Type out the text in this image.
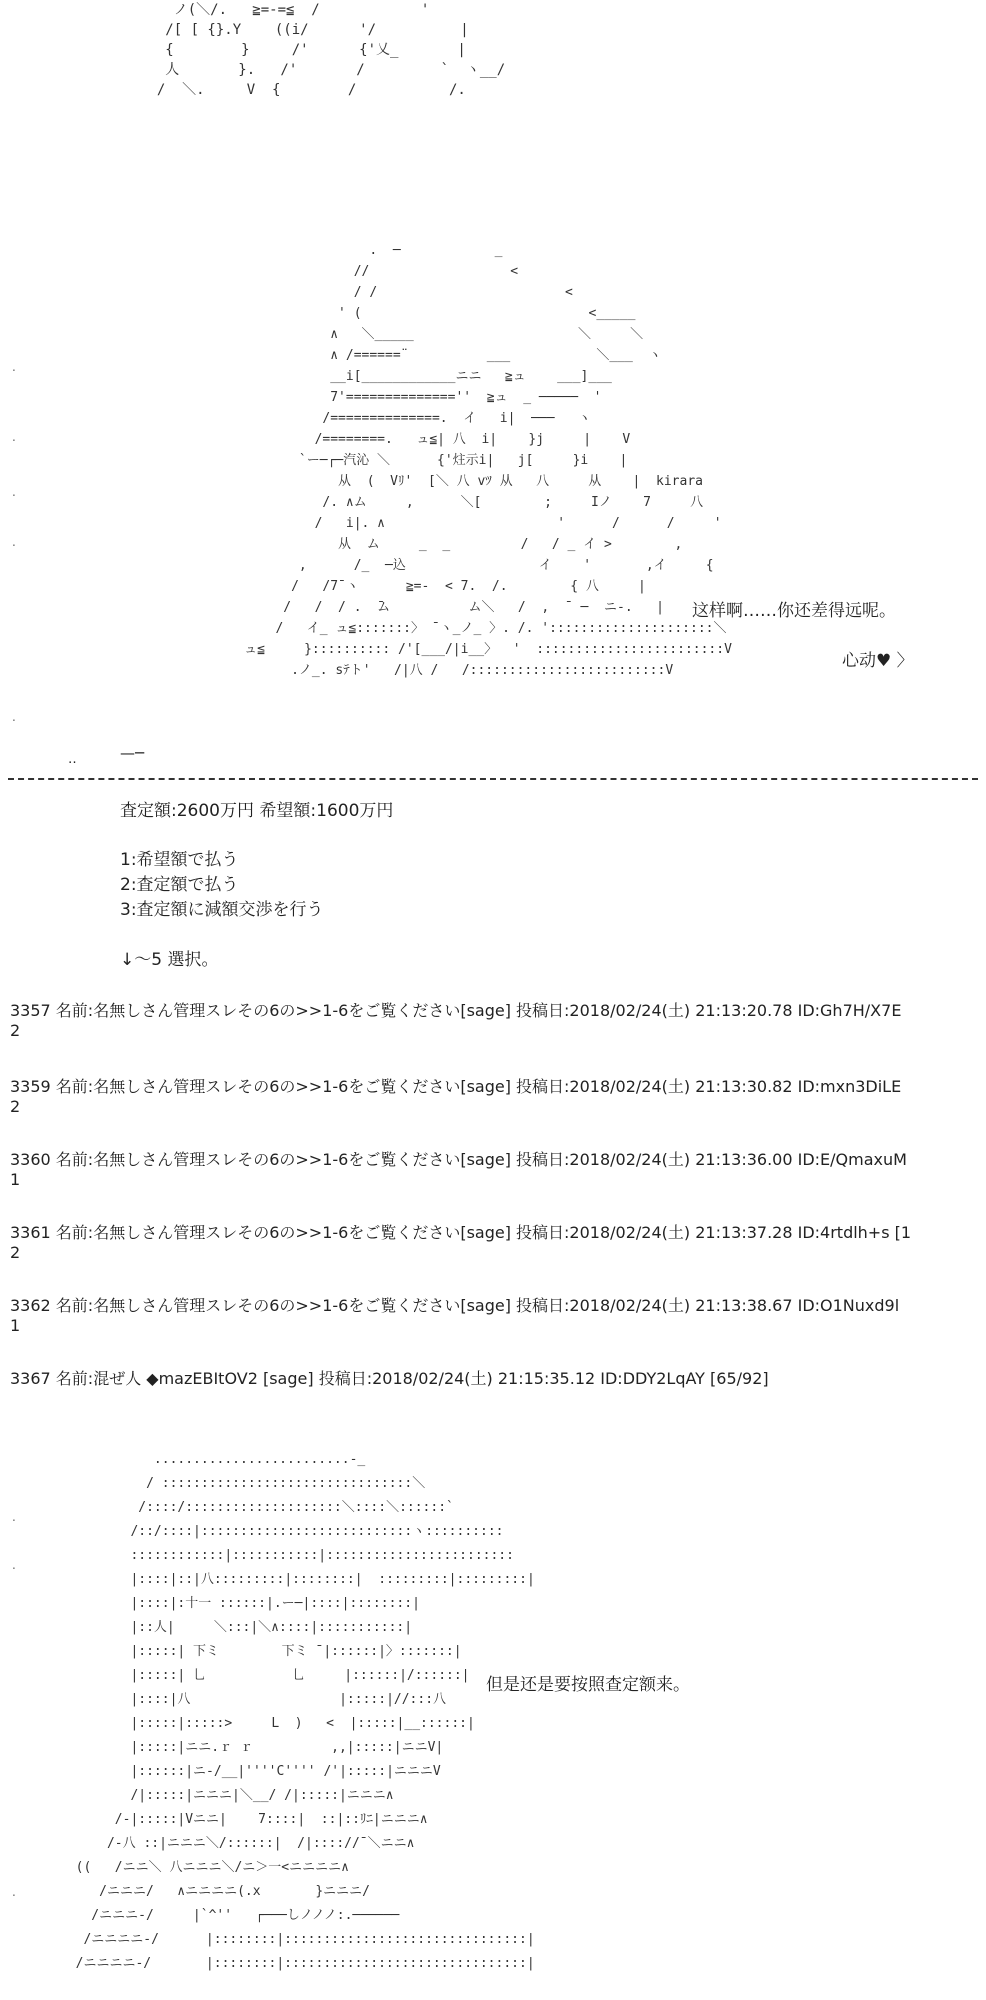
ノ(＼/.   ≧=-=≦  /            '
/[ [ {}.Y    ((i/      '/          |
{        }     /'      {'乂_       |
人       }.   /'       /         `  ヽ__/
/  ＼.     V  {        /           /.
.  ─            _
//                  <
/ /                        <
' (                             <_____
∧   ＼_____                     ＼     ＼
∧ /======¨          ___           ＼___  ヽ
__i[____________ニニ   ≧ュ    ___]___
7'==============''  ≧ュ  _ ─────  '
/==============.  イ   i|  ───   ヽ
/========.   ュ≦| 八  i|    }j     |    V
`ー─┌─汽沁 ＼      {'炷示i|   j[     }i    |
从  (  Vﾘ'  [＼ 八 vﾂ 从   八     从    |  kirara
/. ∧ム     ,      ＼[        ;     Iノ    7     八
/   i|. ∧                      '      /      /     '
从  ム     _  _         /   / _ イ >        ,
,      /_  ─込                 イ    '       ,イ     {
/   /7¯ヽ      ≧=-  < 7.  /.        { 八     |
/   /  / .  ̄ム          ム＼   /  ,  ̄  ─  ニ-.   |
/   イ_ ュ≦:::::::〉 ̄ ヽ_ノ_ 〉. /. ':::::::::::::::::::::＼
ュ≦     }:::::::::: /'[___/|i__〉  '  ::::::::::::::::::::::::V
.ノ_. sﾃト'   /|八 /   /:::::::::::::::::::::::::V
.
.
.
.
.
—─
‥
这样啊……你还差得远呢。
心动♥ 〉
査定額:2600万円 希望額:1600万円
1:希望額で払う
2:査定額で払う
3:査定額に減額交渉を行う
↓～5 選択。
3357 名前:名無しさん管理スレその6の>>1-6をご覧ください[sage] 投稿日:2018/02/24(土) 21:13:20.78 ID:Gh7H/X7E
2
3359 名前:名無しさん管理スレその6の>>1-6をご覧ください[sage] 投稿日:2018/02/24(土) 21:13:30.82 ID:mxn3DiLE
2
3360 名前:名無しさん管理スレその6の>>1-6をご覧ください[sage] 投稿日:2018/02/24(土) 21:13:36.00 ID:E/QmaxuM
1
3361 名前:名無しさん管理スレその6の>>1-6をご覧ください[sage] 投稿日:2018/02/24(土) 21:13:37.28 ID:4rtdlh+s [1
2
3362 名前:名無しさん管理スレその6の>>1-6をご覧ください[sage] 投稿日:2018/02/24(土) 21:13:38.67 ID:O1Nuxd9l
1
3367 名前:混ぜ人 ◆mazEBItOV2 [sage] 投稿日:2018/02/24(土) 21:15:35.12 ID:DDY2LqAY [65/92]
.........................-_
/ ::::::::::::::::::::::::::::::::＼
/::::/::::::::::::::::::::＼::::＼::::::`
/::/::::|:::::::::::::::::::::::::::ヽ::::::::::
::::::::::::|:::::::::::|::::::::::::::::::::::::
|::::|::|八:::::::::|::::::::|  :::::::::|:::::::::|
|::::|:十一 ::::::|.ー─|::::|::::::::|
|::人|     ＼:::|＼∧::::|:::::::::::|
|:::::| 下ミ        下ミ ̄ |::::::|〉:::::::|
|:::::| 乚           乚     |::::::|/::::::|
|::::|八                   |:::::|//:::八
|:::::|:::::>     L  )   <  |:::::|__::::::|
|:::::|ニニ.ｒ ｒ          ,,|:::::|ニニV|
|::::::|ニ-/__|''''C'''' /'|:::::|ニニニV
/|:::::|ニニニ|＼__/ /|:::::|ニニニ∧
/-|:::::|Vニニ|    7::::|  ::|::ﾘﾆ|ニニニ∧
/-八 ::|ニニニ＼/::::::|  /|:::://¯＼ニニ∧
((   /ニニ＼ 八ニニニ＼/ニ＞一<ニニニニ∧
/ニニニ/   ∧ニニニニ(.x       }ニニニ/
/ニニニ-/     |`^''   ┌───しノノノ:.──────
/ニニニニ-/      |::::::::|:::::::::::::::::::::::::::::::|
/ニニニニ-/       |::::::::|:::::::::::::::::::::::::::::::|
.
.
.
但是还是要按照查定额来。
